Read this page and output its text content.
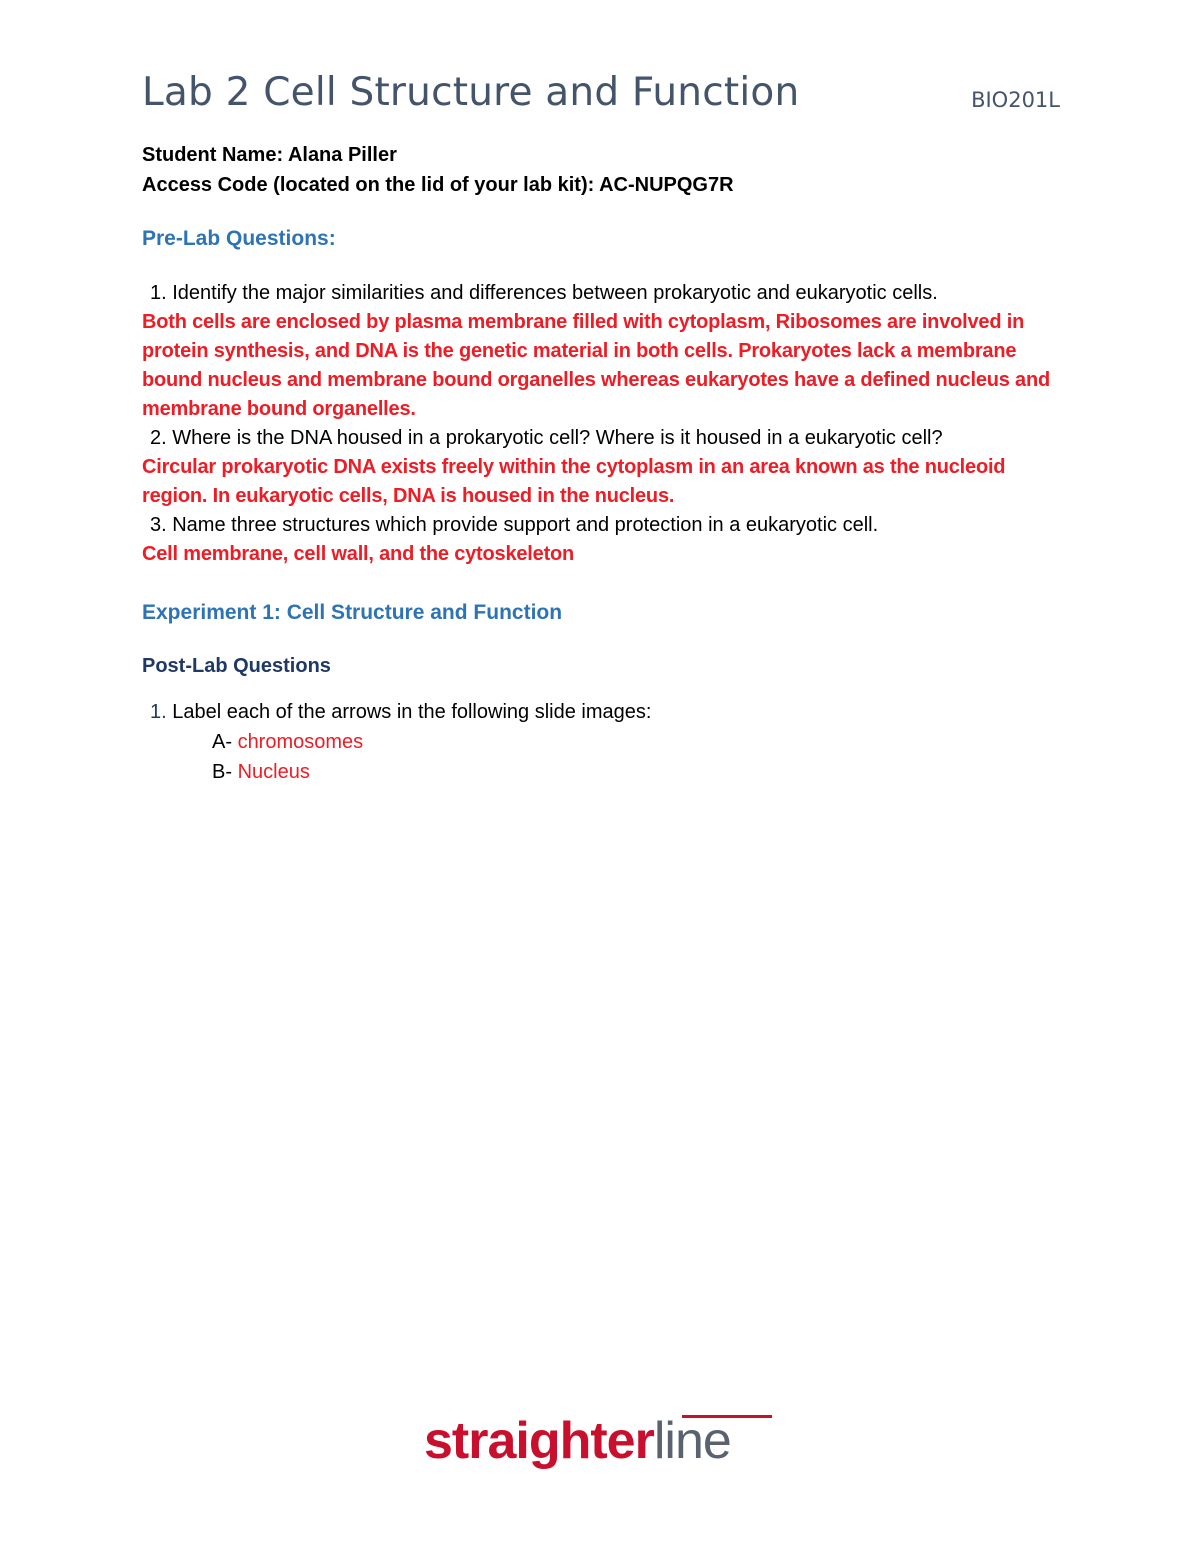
Lab 2 Cell Structure and Function	BIO201L
Student Name: Alana Piller
Access Code (located on the lid of your lab kit): AC-NUPQG7R
Pre-Lab Questions:
1. Identify the major similarities and differences between prokaryotic and eukaryotic cells.
Both cells are enclosed by plasma membrane filled with cytoplasm, Ribosomes are involved in protein synthesis, and DNA is the genetic material in both cells. Prokaryotes lack a membrane bound nucleus and membrane bound organelles whereas eukaryotes have a defined nucleus and membrane bound organelles.
2. Where is the DNA housed in a prokaryotic cell? Where is it housed in a eukaryotic cell?
Circular prokaryotic DNA exists freely within the cytoplasm in an area known as the nucleoid region. In eukaryotic cells, DNA is housed in the nucleus.
3. Name three structures which provide support and protection in a eukaryotic cell.
Cell membrane, cell wall, and the cytoskeleton
Experiment 1: Cell Structure and Function
Post-Lab Questions
1. Label each of the arrows in the following slide images:
A- chromosomes
B- Nucleus
straighterline
